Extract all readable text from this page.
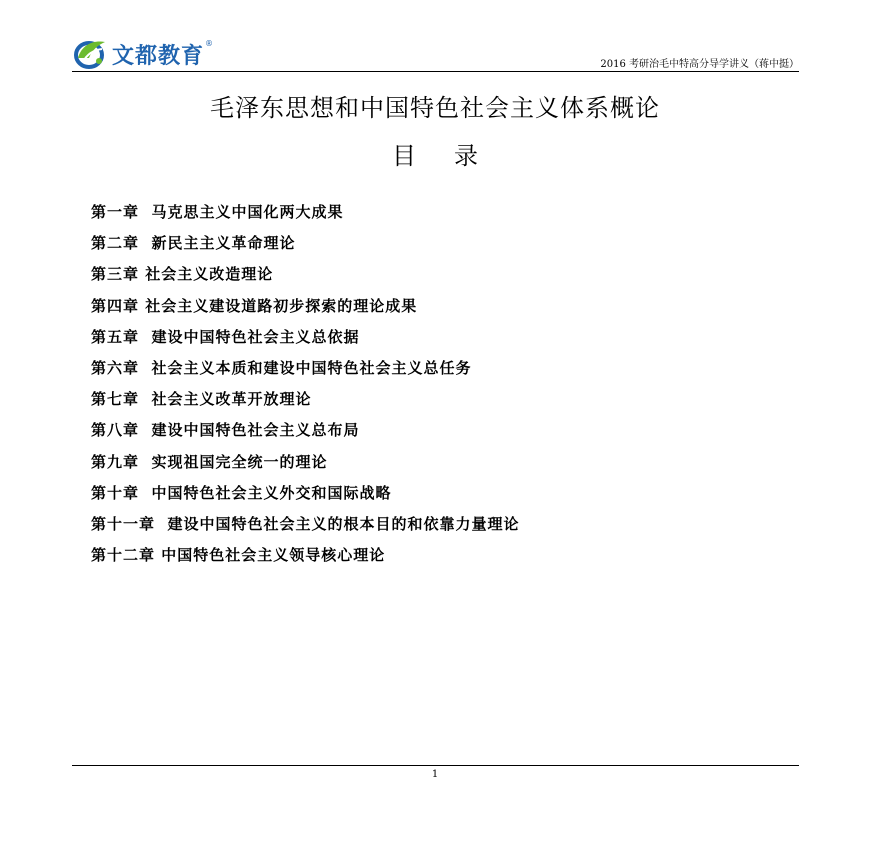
文都教育
®
2016 考研治毛中特高分导学讲义（蒋中挺）
毛泽东思想和中国特色社会主义体系概论
目录
第一章 马克思主义中国化两大成果
第二章 新民主主义革命理论
第三章 社会主义改造理论
第四章 社会主义建设道路初步探索的理论成果
第五章 建设中国特色社会主义总依据
第六章 社会主义本质和建设中国特色社会主义总任务
第七章 社会主义改革开放理论
第八章 建设中国特色社会主义总布局
第九章 实现祖国完全统一的理论
第十章 中国特色社会主义外交和国际战略
第十一章 建设中国特色社会主义的根本目的和依靠力量理论
第十二章 中国特色社会主义领导核心理论
1
